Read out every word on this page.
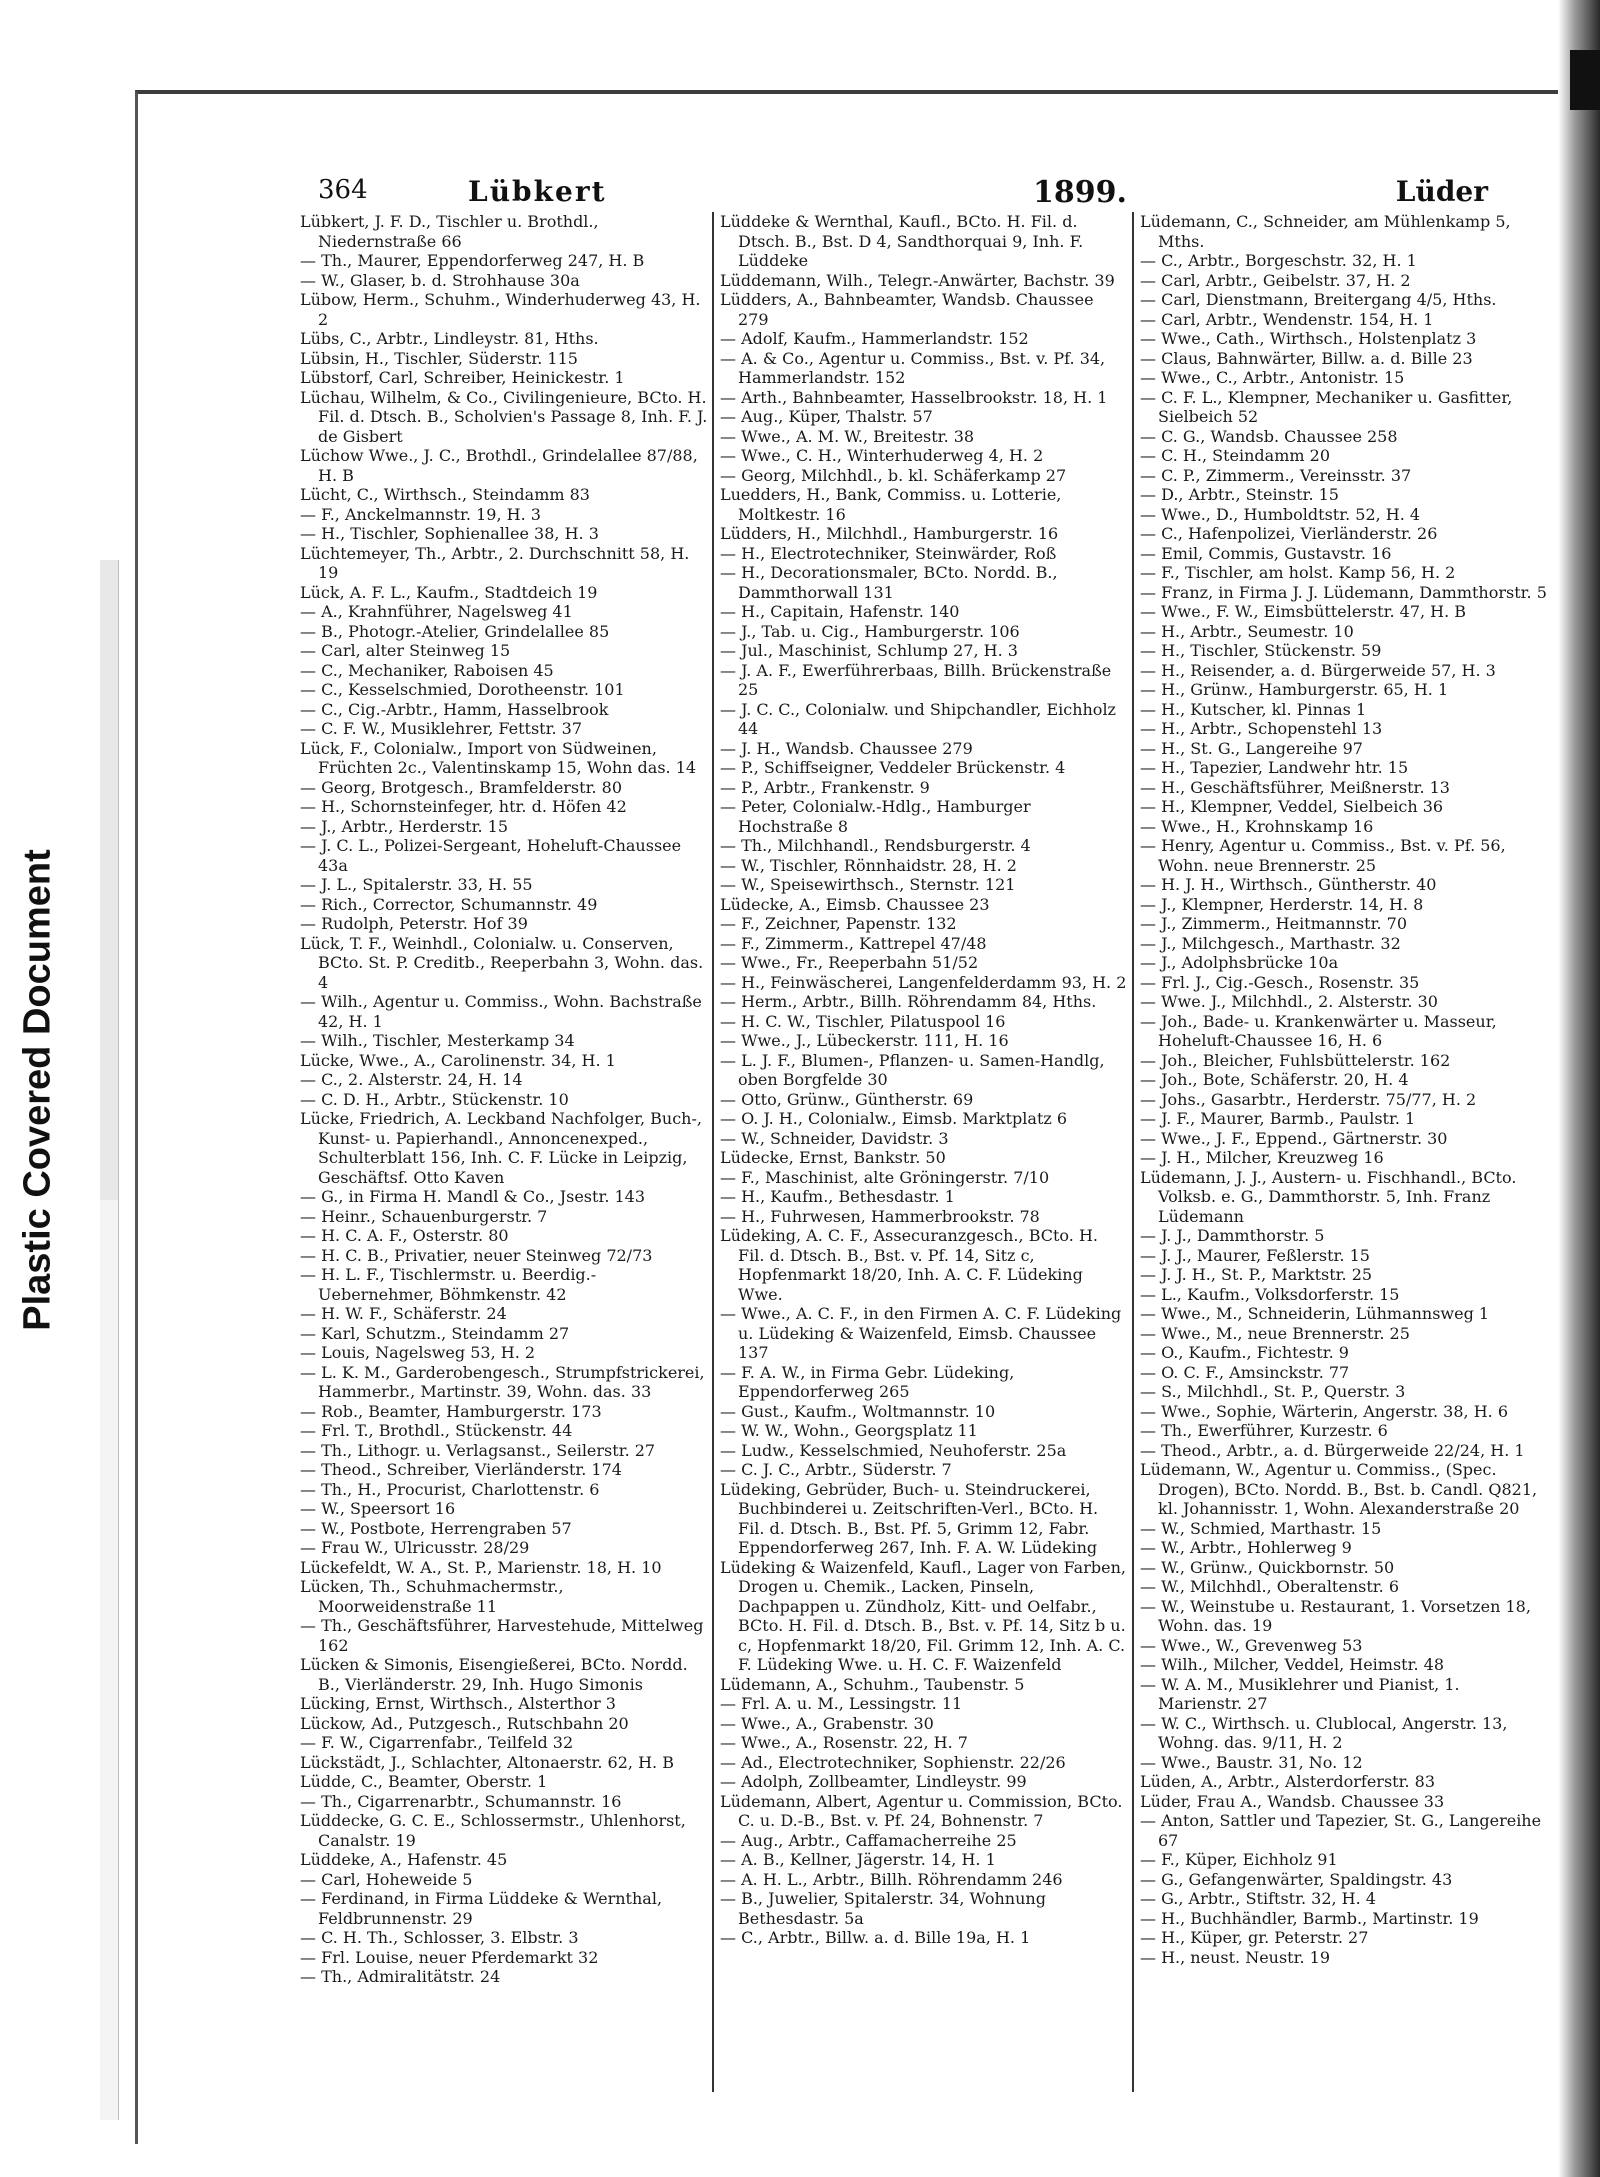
Plastic Covered Document
364	Lübkert	1899.	Lüder

Lübkert, J. F. D., Tischler u. Brothdl., Niedernstraße 66

— Th., Maurer, Eppendorferweg 247, H. B

— W., Glaser, b. d. Strohhause 30a

Lübow, Herm., Schuhm., Winderhuderweg 43, H. 2

Lübs, C., Arbtr., Lindleystr. 81, Hths.

Lübsin, H., Tischler, Süderstr. 115

Lübstorf, Carl, Schreiber, Heinickestr. 1

Lüchau, Wilhelm, & Co., Civilingenieure, BCto. H. Fil. d. Dtsch. B., Scholvien's Passage 8, Inh. F. J. de Gisbert

Lüchow Wwe., J. C., Brothdl., Grindelallee 87/88, H. B

Lücht, C., Wirthsch., Steindamm 83

— F., Anckelmannstr. 19, H. 3

— H., Tischler, Sophienallee 38, H. 3

Lüchtemeyer, Th., Arbtr., 2. Durchschnitt 58, H. 19

Lück, A. F. L., Kaufm., Stadtdeich 19

— A., Krahnführer, Nagelsweg 41

— B., Photogr.-Atelier, Grindelallee 85

— Carl, alter Steinweg 15

— C., Mechaniker, Raboisen 45

— C., Kesselschmied, Dorotheenstr. 101

— C., Cig.-Arbtr., Hamm, Hasselbrook

— C. F. W., Musiklehrer, Fettstr. 37

Lück, F., Colonialw., Import von Südweinen, Früchten 2c., Valentinskamp 15, Wohn das. 14

— Georg, Brotgesch., Bramfelderstr. 80

— H., Schornsteinfeger, htr. d. Höfen 42

— J., Arbtr., Herderstr. 15

— J. C. L., Polizei-Sergeant, Hoheluft-Chaussee 43a

— J. L., Spitalerstr. 33, H. 55

— Rich., Corrector, Schumannstr. 49

— Rudolph, Peterstr. Hof 39

Lück, T. F., Weinhdl., Colonialw. u. Conserven, BCto. St. P. Creditb., Reeperbahn 3, Wohn. das. 4

— Wilh., Agentur u. Commiss., Wohn. Bachstraße 42, H. 1

— Wilh., Tischler, Mesterkamp 34

Lücke, Wwe., A., Carolinenstr. 34, H. 1

— C., 2. Alsterstr. 24, H. 14

— C. D. H., Arbtr., Stückenstr. 10

Lücke, Friedrich, A. Leckband Nachfolger, Buch-, Kunst- u. Papierhandl., Annoncenexped., Schulterblatt 156, Inh. C. F. Lücke in Leipzig, Geschäftsf. Otto Kaven

— G., in Firma H. Mandl & Co., Jsestr. 143

— Heinr., Schauenburgerstr. 7

— H. C. A. F., Osterstr. 80

— H. C. B., Privatier, neuer Steinweg 72/73

— H. L. F., Tischlermstr. u. Beerdig.-Uebernehmer, Böhmkenstr. 42

— H. W. F., Schäferstr. 24

— Karl, Schutzm., Steindamm 27

— Louis, Nagelsweg 53, H. 2

— L. K. M., Garderobengesch., Strumpfstrickerei, Hammerbr., Martinstr. 39, Wohn. das. 33

— Rob., Beamter, Hamburgerstr. 173

— Frl. T., Brothdl., Stückenstr. 44

— Th., Lithogr. u. Verlagsanst., Seilerstr. 27

— Theod., Schreiber, Vierländerstr. 174

— Th., H., Procurist, Charlottenstr. 6

— W., Speersort 16

— W., Postbote, Herrengraben 57

— Frau W., Ulricusstr. 28/29

Lückefeldt, W. A., St. P., Marienstr. 18, H. 10

Lücken, Th., Schuhmachermstr., Moorweidenstraße 11

— Th., Geschäftsführer, Harvestehude, Mittelweg 162

Lücken & Simonis, Eisengießerei, BCto. Nordd. B., Vierländerstr. 29, Inh. Hugo Simonis

Lücking, Ernst, Wirthsch., Alsterthor 3

Lückow, Ad., Putzgesch., Rutschbahn 20

— F. W., Cigarrenfabr., Teilfeld 32

Lückstädt, J., Schlachter, Altonaerstr. 62, H. B

Lüdde, C., Beamter, Oberstr. 1

— Th., Cigarrenarbtr., Schumannstr. 16

Lüddecke, G. C. E., Schlossermstr., Uhlenhorst, Canalstr. 19

Lüddeke, A., Hafenstr. 45

— Carl, Hoheweide 5

— Ferdinand, in Firma Lüddeke & Wernthal, Feldbrunnenstr. 29

— C. H. Th., Schlosser, 3. Elbstr. 3

— Frl. Louise, neuer Pferdemarkt 32

— Th., Admiralitätstr. 24

Lüddeke & Wernthal, Kaufl., BCto. H. Fil. d. Dtsch. B., Bst. D 4, Sandthorquai 9, Inh. F. Lüddeke

Lüddemann, Wilh., Telegr.-Anwärter, Bachstr. 39

Lüdders, A., Bahnbeamter, Wandsb. Chaussee 279

— Adolf, Kaufm., Hammerlandstr. 152

— A. & Co., Agentur u. Commiss., Bst. v. Pf. 34, Hammerlandstr. 152

— Arth., Bahnbeamter, Hasselbrookstr. 18, H. 1

— Aug., Küper, Thalstr. 57

— Wwe., A. M. W., Breitestr. 38

— Wwe., C. H., Winterhuderweg 4, H. 2

— Georg, Milchhdl., b. kl. Schäferkamp 27

Luedders, H., Bank, Commiss. u. Lotterie, Moltkestr. 16

Lüdders, H., Milchhdl., Hamburgerstr. 16

— H., Electrotechniker, Steinwärder, Roß

— H., Decorationsmaler, BCto. Nordd. B., Dammthorwall 131

— H., Capitain, Hafenstr. 140

— J., Tab. u. Cig., Hamburgerstr. 106

— Jul., Maschinist, Schlump 27, H. 3

— J. A. F., Ewerführerbaas, Billh. Brückenstraße 25

— J. C. C., Colonialw. und Shipchandler, Eichholz 44

— J. H., Wandsb. Chaussee 279

— P., Schiffseigner, Veddeler Brückenstr. 4

— P., Arbtr., Frankenstr. 9

— Peter, Colonialw.-Hdlg., Hamburger Hochstraße 8

— Th., Milchhandl., Rendsburgerstr. 4

— W., Tischler, Rönnhaidstr. 28, H. 2

— W., Speisewirthsch., Sternstr. 121

Lüdecke, A., Eimsb. Chaussee 23

— F., Zeichner, Papenstr. 132

— F., Zimmerm., Kattrepel 47/48

— Wwe., Fr., Reeperbahn 51/52

— H., Feinwäscherei, Langenfelderdamm 93, H. 2

— Herm., Arbtr., Billh. Röhrendamm 84, Hths.

— H. C. W., Tischler, Pilatuspool 16

— Wwe., J., Lübeckerstr. 111, H. 16

— L. J. F., Blumen-, Pflanzen- u. Samen-Handlg, oben Borgfelde 30

— Otto, Grünw., Güntherstr. 69

— O. J. H., Colonialw., Eimsb. Marktplatz 6

— W., Schneider, Davidstr. 3

Lüdecke, Ernst, Bankstr. 50

— F., Maschinist, alte Gröningerstr. 7/10

— H., Kaufm., Bethesdastr. 1

— H., Fuhrwesen, Hammerbrookstr. 78

Lüdeking, A. C. F., Assecuranzgesch., BCto. H. Fil. d. Dtsch. B., Bst. v. Pf. 14, Sitz c, Hopfenmarkt 18/20, Inh. A. C. F. Lüdeking Wwe.

— Wwe., A. C. F., in den Firmen A. C. F. Lüdeking u. Lüdeking & Waizenfeld, Eimsb. Chaussee 137

— F. A. W., in Firma Gebr. Lüdeking, Eppendorferweg 265

— Gust., Kaufm., Woltmannstr. 10

— W. W., Wohn., Georgsplatz 11

— Ludw., Kesselschmied, Neuhoferstr. 25a

— C. J. C., Arbtr., Süderstr. 7

Lüdeking, Gebrüder, Buch- u. Steindruckerei, Buchbinderei u. Zeitschriften-Verl., BCto. H. Fil. d. Dtsch. B., Bst. Pf. 5, Grimm 12, Fabr. Eppendorferweg 267, Inh. F. A. W. Lüdeking

Lüdeking & Waizenfeld, Kaufl., Lager von Farben, Drogen u. Chemik., Lacken, Pinseln, Dachpappen u. Zündholz, Kitt- und Oelfabr., BCto. H. Fil. d. Dtsch. B., Bst. v. Pf. 14, Sitz b u. c, Hopfenmarkt 18/20, Fil. Grimm 12, Inh. A. C. F. Lüdeking Wwe. u. H. C. F. Waizenfeld

Lüdemann, A., Schuhm., Taubenstr. 5

— Frl. A. u. M., Lessingstr. 11

— Wwe., A., Grabenstr. 30

— Wwe., A., Rosenstr. 22, H. 7

— Ad., Electrotechniker, Sophienstr. 22/26

— Adolph, Zollbeamter, Lindleystr. 99

Lüdemann, Albert, Agentur u. Commission, BCto. C. u. D.-B., Bst. v. Pf. 24, Bohnenstr. 7

— Aug., Arbtr., Caffamacherreihe 25

— A. B., Kellner, Jägerstr. 14, H. 1

— A. H. L., Arbtr., Billh. Röhrendamm 246

— B., Juwelier, Spitalerstr. 34, Wohnung Bethesdastr. 5a

— C., Arbtr., Billw. a. d. Bille 19a, H. 1

Lüdemann, C., Schneider, am Mühlenkamp 5, Mths.

— C., Arbtr., Borgeschstr. 32, H. 1

— Carl, Arbtr., Geibelstr. 37, H. 2

— Carl, Dienstmann, Breitergang 4/5, Hths.

— Carl, Arbtr., Wendenstr. 154, H. 1

— Wwe., Cath., Wirthsch., Holstenplatz 3

— Claus, Bahnwärter, Billw. a. d. Bille 23

— Wwe., C., Arbtr., Antonistr. 15

— C. F. L., Klempner, Mechaniker u. Gasfitter, Sielbeich 52

— C. G., Wandsb. Chaussee 258

— C. H., Steindamm 20

— C. P., Zimmerm., Vereinsstr. 37

— D., Arbtr., Steinstr. 15

— Wwe., D., Humboldtstr. 52, H. 4

— C., Hafenpolizei, Vierländerstr. 26

— Emil, Commis, Gustavstr. 16

— F., Tischler, am holst. Kamp 56, H. 2

— Franz, in Firma J. J. Lüdemann, Dammthorstr. 5

— Wwe., F. W., Eimsbüttelerstr. 47, H. B

— H., Arbtr., Seumestr. 10

— H., Tischler, Stückenstr. 59

— H., Reisender, a. d. Bürgerweide 57, H. 3

— H., Grünw., Hamburgerstr. 65, H. 1

— H., Kutscher, kl. Pinnas 1

— H., Arbtr., Schopenstehl 13

— H., St. G., Langereihe 97

— H., Tapezier, Landwehr htr. 15

— H., Geschäftsführer, Meißnerstr. 13

— H., Klempner, Veddel, Sielbeich 36

— Wwe., H., Krohnskamp 16

— Henry, Agentur u. Commiss., Bst. v. Pf. 56, Wohn. neue Brennerstr. 25

— H. J. H., Wirthsch., Güntherstr. 40

— J., Klempner, Herderstr. 14, H. 8

— J., Zimmerm., Heitmannstr. 70

— J., Milchgesch., Marthastr. 32

— J., Adolphsbrücke 10a

— Frl. J., Cig.-Gesch., Rosenstr. 35

— Wwe. J., Milchhdl., 2. Alsterstr. 30

— Joh., Bade- u. Krankenwärter u. Masseur, Hoheluft-Chaussee 16, H. 6

— Joh., Bleicher, Fuhlsbüttelerstr. 162

— Joh., Bote, Schäferstr. 20, H. 4

— Johs., Gasarbtr., Herderstr. 75/77, H. 2

— J. F., Maurer, Barmb., Paulstr. 1

— Wwe., J. F., Eppend., Gärtnerstr. 30

— J. H., Milcher, Kreuzweg 16

Lüdemann, J. J., Austern- u. Fischhandl., BCto. Volksb. e. G., Dammthorstr. 5, Inh. Franz Lüdemann

— J. J., Dammthorstr. 5

— J. J., Maurer, Feßlerstr. 15

— J. J. H., St. P., Marktstr. 25

— L., Kaufm., Volksdorferstr. 15

— Wwe., M., Schneiderin, Lühmannsweg 1

— Wwe., M., neue Brennerstr. 25

— O., Kaufm., Fichtestr. 9

— O. C. F., Amsinckstr. 77

— S., Milchhdl., St. P., Querstr. 3

— Wwe., Sophie, Wärterin, Angerstr. 38, H. 6

— Th., Ewerführer, Kurzestr. 6

— Theod., Arbtr., a. d. Bürgerweide 22/24, H. 1

Lüdemann, W., Agentur u. Commiss., (Spec. Drogen), BCto. Nordd. B., Bst. b. Candl. Q821, kl. Johannisstr. 1, Wohn. Alexanderstraße 20

— W., Schmied, Marthastr. 15

— W., Arbtr., Hohlerweg 9

— W., Grünw., Quickbornstr. 50

— W., Milchhdl., Oberaltenstr. 6

— W., Weinstube u. Restaurant, 1. Vorsetzen 18, Wohn. das. 19

— Wwe., W., Grevenweg 53

— Wilh., Milcher, Veddel, Heimstr. 48

— W. A. M., Musiklehrer und Pianist, 1. Marienstr. 27

— W. C., Wirthsch. u. Clublocal, Angerstr. 13, Wohng. das. 9/11, H. 2

— Wwe., Baustr. 31, No. 12

Lüden, A., Arbtr., Alsterdorferstr. 83

Lüder, Frau A., Wandsb. Chaussee 33

— Anton, Sattler und Tapezier, St. G., Langereihe 67

— F., Küper, Eichholz 91

— G., Gefangenwärter, Spaldingstr. 43

— G., Arbtr., Stiftstr. 32, H. 4

— H., Buchhändler, Barmb., Martinstr. 19

— H., Küper, gr. Peterstr. 27

— H., neust. Neustr. 19
